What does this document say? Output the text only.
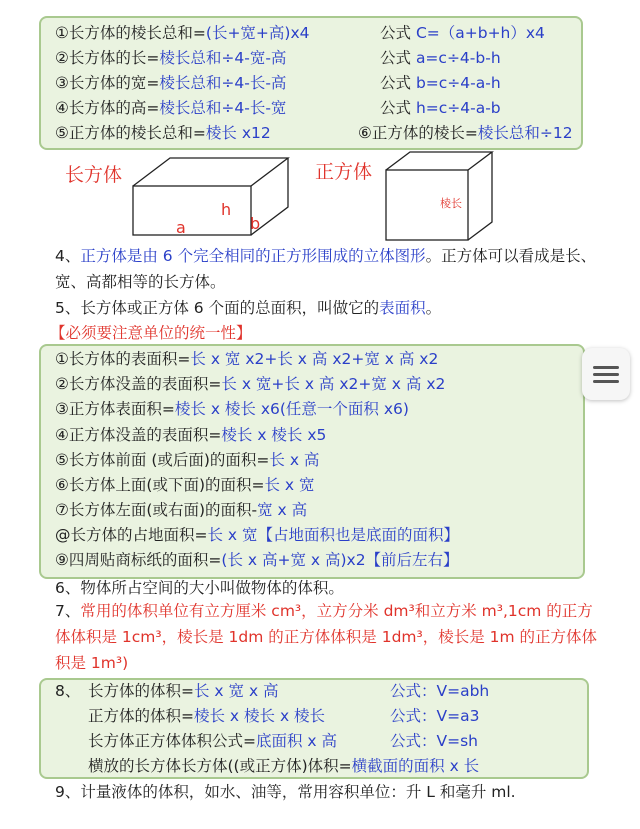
①长方体的棱长总和=(长+宽+高)x4	公式 C=（a+b+h）x4
②长方体的长=棱长总和÷4-宽-高	公式 a=c÷4-b-h
③长方体的宽=棱长总和÷4-长-高	公式 b=c÷4-a-h
④长方体的高=棱长总和÷4-长-宽	公式 h=c÷4-a-b
⑤正方体的棱长总和=棱长 x12	⑥正方体的棱长=棱长总和÷12
长方体
a
h
b
正方体
棱长
4、正方体是由 6 个完全相同的正方形围成的立体图形。正方体可以看成是长、宽、高都相等的长方体。
5、长方体或正方体 6 个面的总面积，叫做它的表面积。
【必须要注意单位的统一性】
①长方体的表面积=长 x 宽 x2+长 x 高 x2+宽 x 高 x2
②长方体没盖的表面积=长 x 宽+长 x 高 x2+宽 x 高 x2
③正方体表面积=棱长 x 棱长 x6(任意一个面积 x6)
④正方体没盖的表面积=棱长 x 棱长 x5
⑤长方体前面 (或后面)的面积=长 x 高
⑥长方体上面(或下面)的面积=长 x 宽
⑦长方体左面(或右面)的面积-宽 x 高
@长方体的占地面积=长 x 宽【占地面积也是底面的面积】
⑨四周贴商标纸的面积=(长 x 高+宽 x 高)x2【前后左右】
6、物体所占空间的大小叫做物体的体积。
7、常用的体积单位有立方厘米 cm³，立方分米 dm³和立方米 m³,1cm 的正方
体体积是 1cm³，棱长是 1dm 的正方体体积是 1dm³，棱长是 1m 的正方体体
积是 1m³)
8、 长方体的体积=长 x 宽 x 高	公式：V=abh
正方体的体积=棱长 x 棱长 x 棱长	公式：V=a3
长方体正方体体积公式=底面积 x 高	公式：V=sh
横放的长方体长方体((或正方体)体积=横截面的面积 x 长
9、计量液体的体积，如水、油等，常用容积单位：升 L 和毫升 ml.
